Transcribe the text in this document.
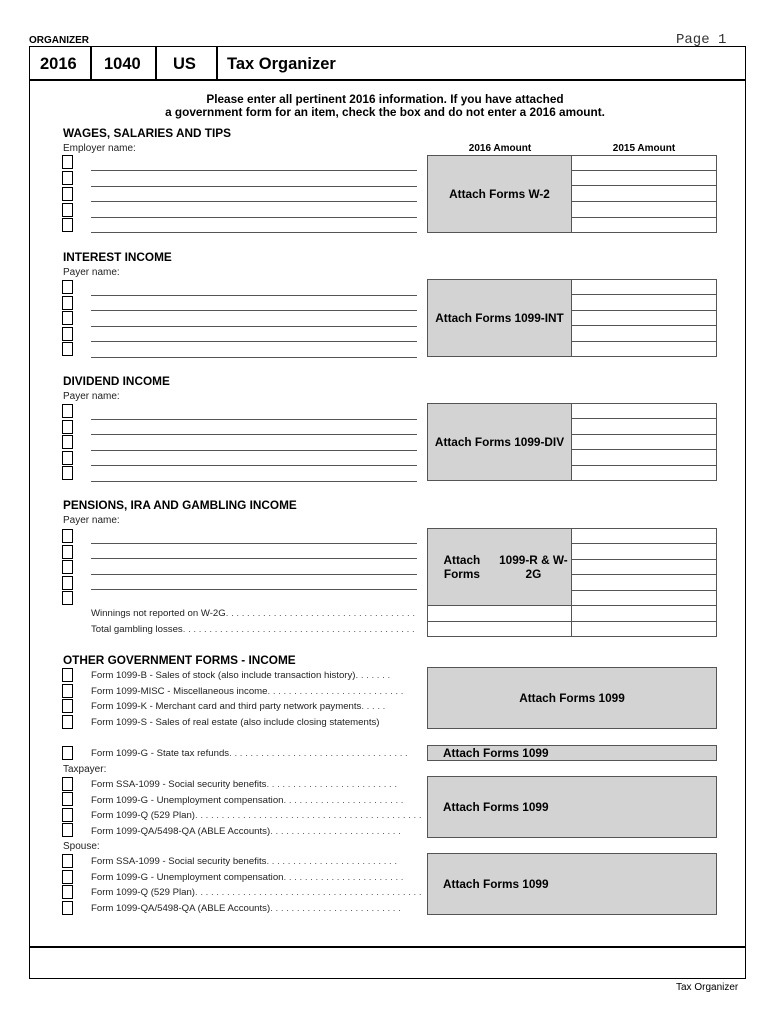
ORGANIZER	Page 1
2016 1040 US Tax Organizer
Please enter all pertinent 2016 information. If you have attached
a government form for an item, check the box and do not enter a 2016 amount.
WAGES, SALARIES AND TIPS
Employer name:	2016 Amount	2015 Amount
Attach Forms W-2
INTEREST INCOME
Payer name:
Attach Forms 1099-INT
DIVIDEND INCOME
Payer name:
Attach Forms 1099-DIV
PENSIONS, IRA AND GAMBLING INCOME
Payer name:
Attach Forms
1099-R & W-2G
Winnings not reported on W-2G. . . . . . . . . . . . . . . . . . . . . . . . . . . . . . . . . . . .
Total gambling losses. . . . . . . . . . . . . . . . . . . . . . . . . . . . . . . . . . . . . . . . . . . .
OTHER GOVERNMENT FORMS - INCOME
Form 1099-B - Sales of stock (also include transaction history). . . . . . .
Form 1099-MISC - Miscellaneous income. . . . . . . . . . . . . . . . . . . . . . . . . .
Form 1099-K - Merchant card and third party network payments. . . . .
Form 1099-S - Sales of real estate (also include closing statements)
Attach Forms 1099
Form 1099-G - State tax refunds. . . . . . . . . . . . . . . . . . . . . . . . . . . . . . . . . .	Attach Forms 1099
Taxpayer:
Form SSA-1099 - Social security benefits. . . . . . . . . . . . . . . . . . . . . . . . .
Form 1099-G - Unemployment compensation. . . . . . . . . . . . . . . . . . . . . . .
Form 1099-Q (529 Plan). . . . . . . . . . . . . . . . . . . . . . . . . . . . . . . . . . . . . . . . . . .
Form 1099-QA/5498-QA (ABLE Accounts). . . . . . . . . . . . . . . . . . . . . . . . .
Attach Forms 1099
Spouse:
Form SSA-1099 - Social security benefits. . . . . . . . . . . . . . . . . . . . . . . . .
Form 1099-G - Unemployment compensation. . . . . . . . . . . . . . . . . . . . . . .
Form 1099-Q (529 Plan). . . . . . . . . . . . . . . . . . . . . . . . . . . . . . . . . . . . . . . . . . .
Form 1099-QA/5498-QA (ABLE Accounts). . . . . . . . . . . . . . . . . . . . . . . . .
Attach Forms 1099
Tax Organizer
